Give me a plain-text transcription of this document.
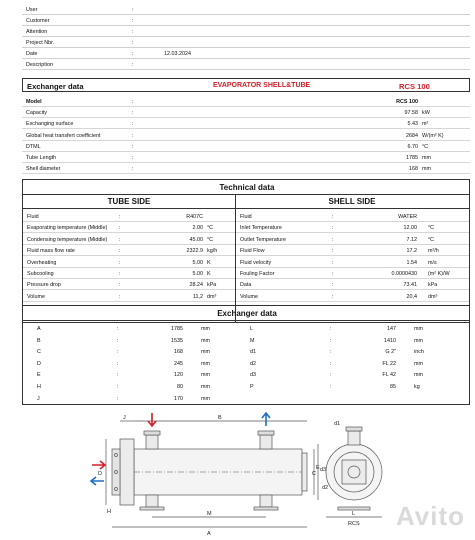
User	:
Customer	:
Attention	:
Project Nbr.	:
Date	:	12.03.2024
Description	:
Exchanger data	EVAPORATOR SHELL&TUBE	RCS 100
Model	:	RCS 100
Capacity	:	97.58 kW
Exchanging surface	:	5.43 m²
Global heat transfert coefficient	:	2684 W/(m² K)
DTML	:	6.70 °C
Tube Length	:	1785 mm
Shell diameter	:	168 mm
Technical data
TUBE SIDE	SHELL SIDE
Fluid	:	R407C
Evaporating temperature (Middle) :	2.00 °C
Condensing temperature (Middle) :	45.00 °C
Fluid mass flow rate	:	2322.9 kg/h
Overheating	:	5.00 K
Subcooling	:	5.00 K
Pressure drop	:	28.24 kPa
Volume	:	11,2 dm³
Fluid	:	WATER
Inlet Temperature	:	12.00 °C
Outlet Temperature	:	7.12 °C
Fluid Flow	:	17.2 m³/h
Fluid velocity	:	1.54 m/s
Fouling Factor	:	0.0000430 (m² K)/W
Data	:	73.41 kPa
Volume	:	20,4 dm³
Exchanger data
A	:	1785	mm
B	:	1535	mm
C	:	168	mm
D	:	245	mm
E	:	120	mm
H	:	80	mm
J	:	170	mm
L	:	147	mm
M	:	1410	mm
d1	:	G 2"	inch
d2	:	FL 22	mm
d3	:	FL 42	mm
P	:	85	kg
J	B
E
D
H	M
A
d1
d3
d2
C
L
RCS Avito
